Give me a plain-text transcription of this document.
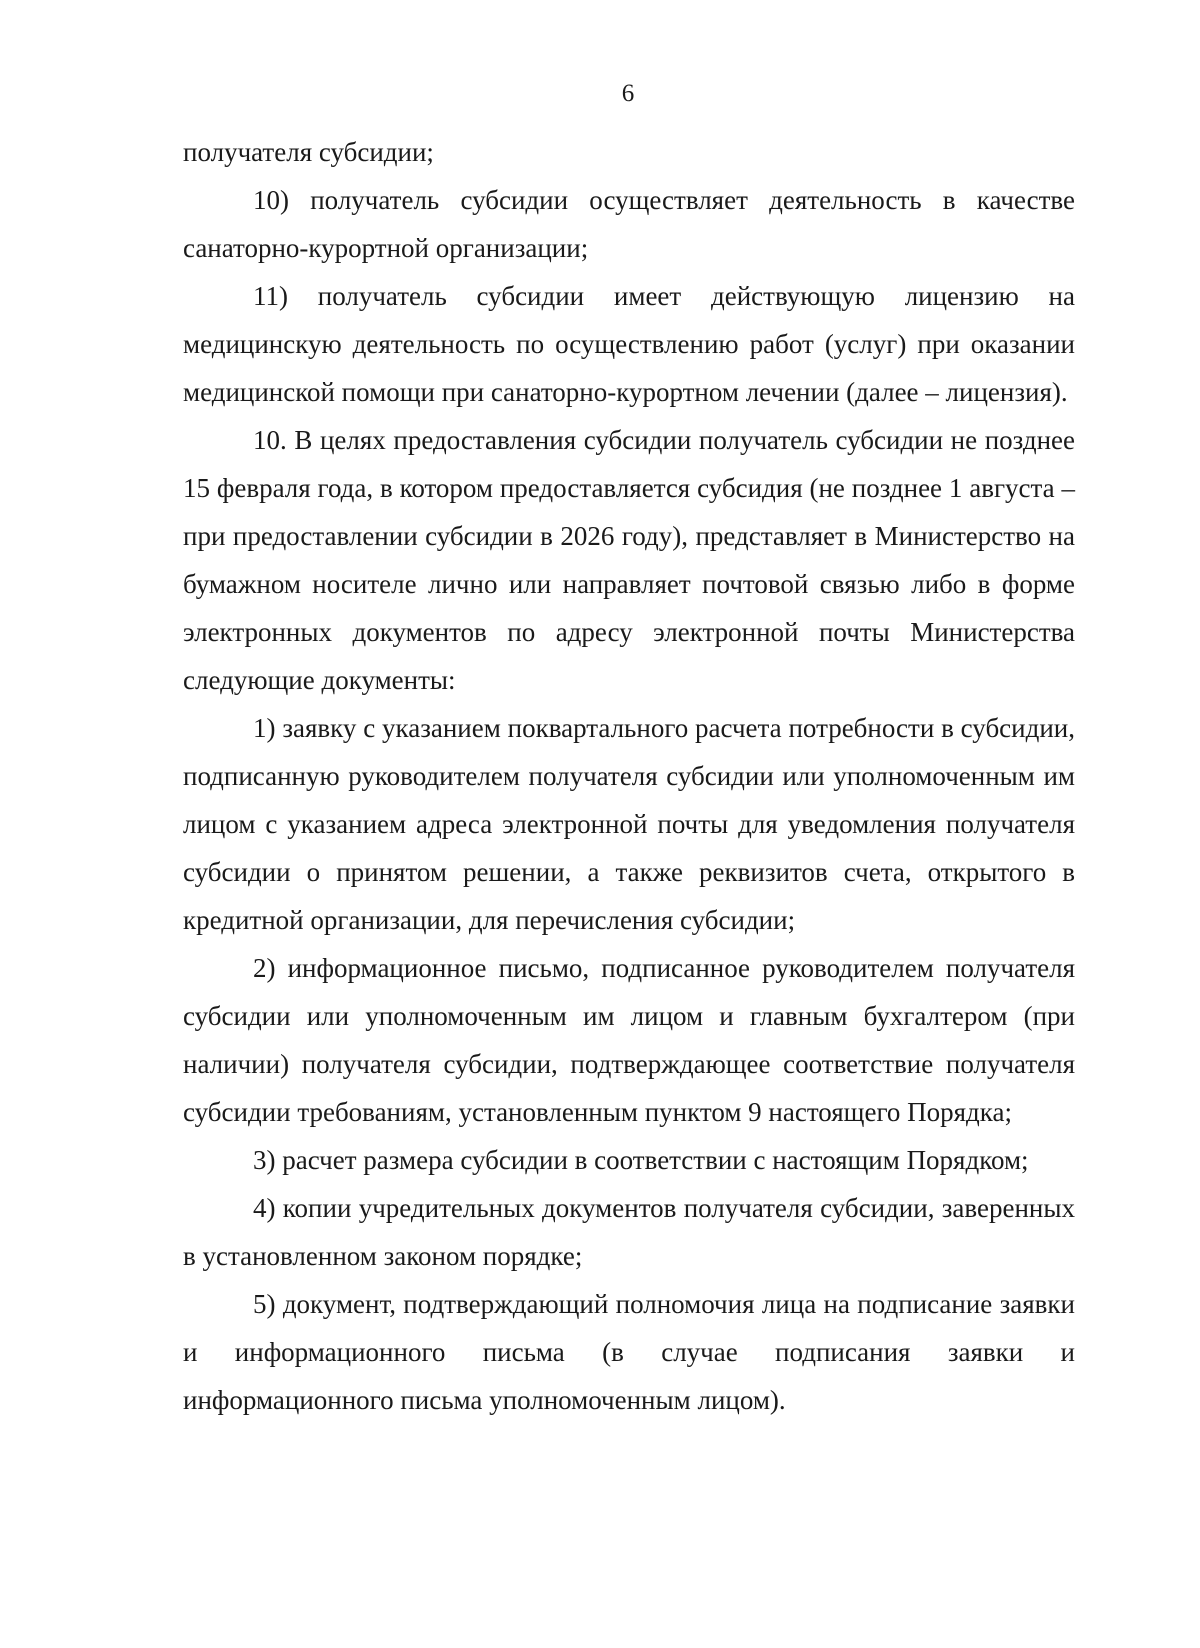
6

получателя субсидии;

10) получатель субсидии осуществляет деятельность в качестве санаторно-курортной организации;

11) получатель субсидии имеет действующую лицензию на медицинскую деятельность по осуществлению работ (услуг) при оказании медицинской помощи при санаторно-курортном лечении (далее – лицензия).

10. В целях предоставления субсидии получатель субсидии не позднее 15 февраля года, в котором предоставляется субсидия (не позднее 1 августа – при предоставлении субсидии в 2026 году), представляет в Министерство на бумажном носителе лично или направляет почтовой связью либо в форме электронных документов по адресу электронной почты Министерства следующие документы:

1) заявку с указанием поквартального расчета потребности в субсидии, подписанную руководителем получателя субсидии или уполномоченным им лицом с указанием адреса электронной почты для уведомления получателя субсидии о принятом решении, а также реквизитов счета, открытого в кредитной организации, для перечисления субсидии;

2) информационное письмо, подписанное руководителем получателя субсидии или уполномоченным им лицом и главным бухгалтером (при наличии) получателя субсидии, подтверждающее соответствие получателя субсидии требованиям, установленным пунктом 9 настоящего Порядка;

3) расчет размера субсидии в соответствии с настоящим Порядком;

4) копии учредительных документов получателя субсидии, заверенных в установленном законом порядке;

5) документ, подтверждающий полномочия лица на подписание заявки и информационного письма (в случае подписания заявки и информационного письма уполномоченным лицом).
